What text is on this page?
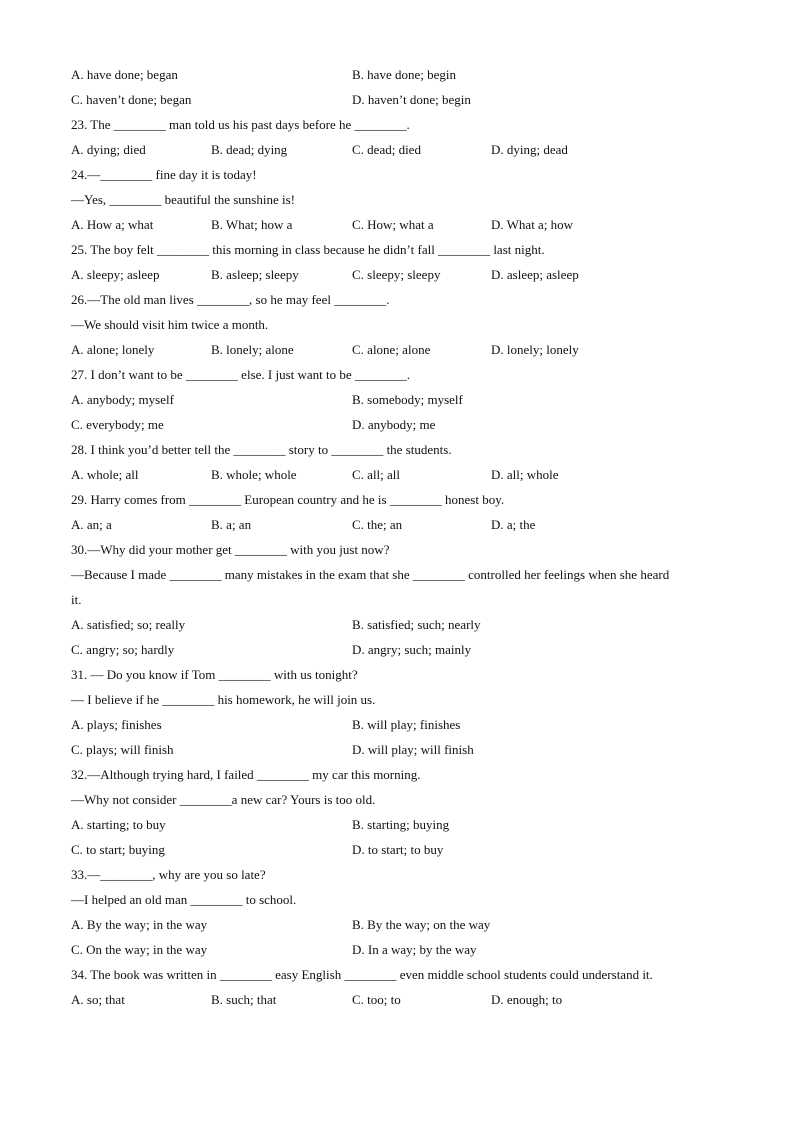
A. have done; began	B. have done; begin
C. haven’t done; began	D. haven’t done; begin
23. The ________ man told us his past days before he ________.
A. dying; died	B. dead; dying	C. dead; died	D. dying; dead
24.—________ fine day it is today!
—Yes, ________ beautiful the sunshine is!
A. How a; what	B. What; how a	C. How; what a	D. What a; how
25. The boy felt ________ this morning in class because he didn’t fall ________ last night.
A. sleepy; asleep	B. asleep; sleepy	C. sleepy; sleepy	D. asleep; asleep
26.—The old man lives ________, so he may feel ________.
—We should visit him twice a month.
A. alone; lonely	B. lonely; alone	C. alone; alone	D. lonely; lonely
27. I don’t want to be ________ else. I just want to be ________.
A. anybody; myself	B. somebody; myself
C. everybody; me	D. anybody; me
28. I think you’d better tell the ________ story to ________ the students.
A. whole; all	B. whole; whole	C. all; all	D. all; whole
29. Harry comes from ________ European country and he is ________ honest boy.
A. an; a	B. a; an	C. the; an	D. a; the
30.—Why did your mother get ________ with you just now?
—Because I made ________ many mistakes in the exam that she ________ controlled her feelings when she heard
it.
A. satisfied; so; really	B. satisfied; such; nearly
C. angry; so; hardly	D. angry; such; mainly
31. — Do you know if Tom ________ with us tonight?
— I believe if he ________ his homework, he will join us.
A. plays; finishes	B. will play; finishes
C. plays; will finish	D. will play; will finish
32.—Although trying hard, I failed ________ my car this morning.
—Why not consider ________a new car? Yours is too old.
A. starting; to buy	B. starting; buying
C. to start; buying	D. to start; to buy
33.—________, why are you so late?
—I helped an old man ________ to school.
A. By the way; in the way	B. By the way; on the way
C. On the way; in the way	D. In a way; by the way
34. The book was written in ________ easy English ________ even middle school students could understand it.
A. so; that	B. such; that	C. too; to	D. enough; to
